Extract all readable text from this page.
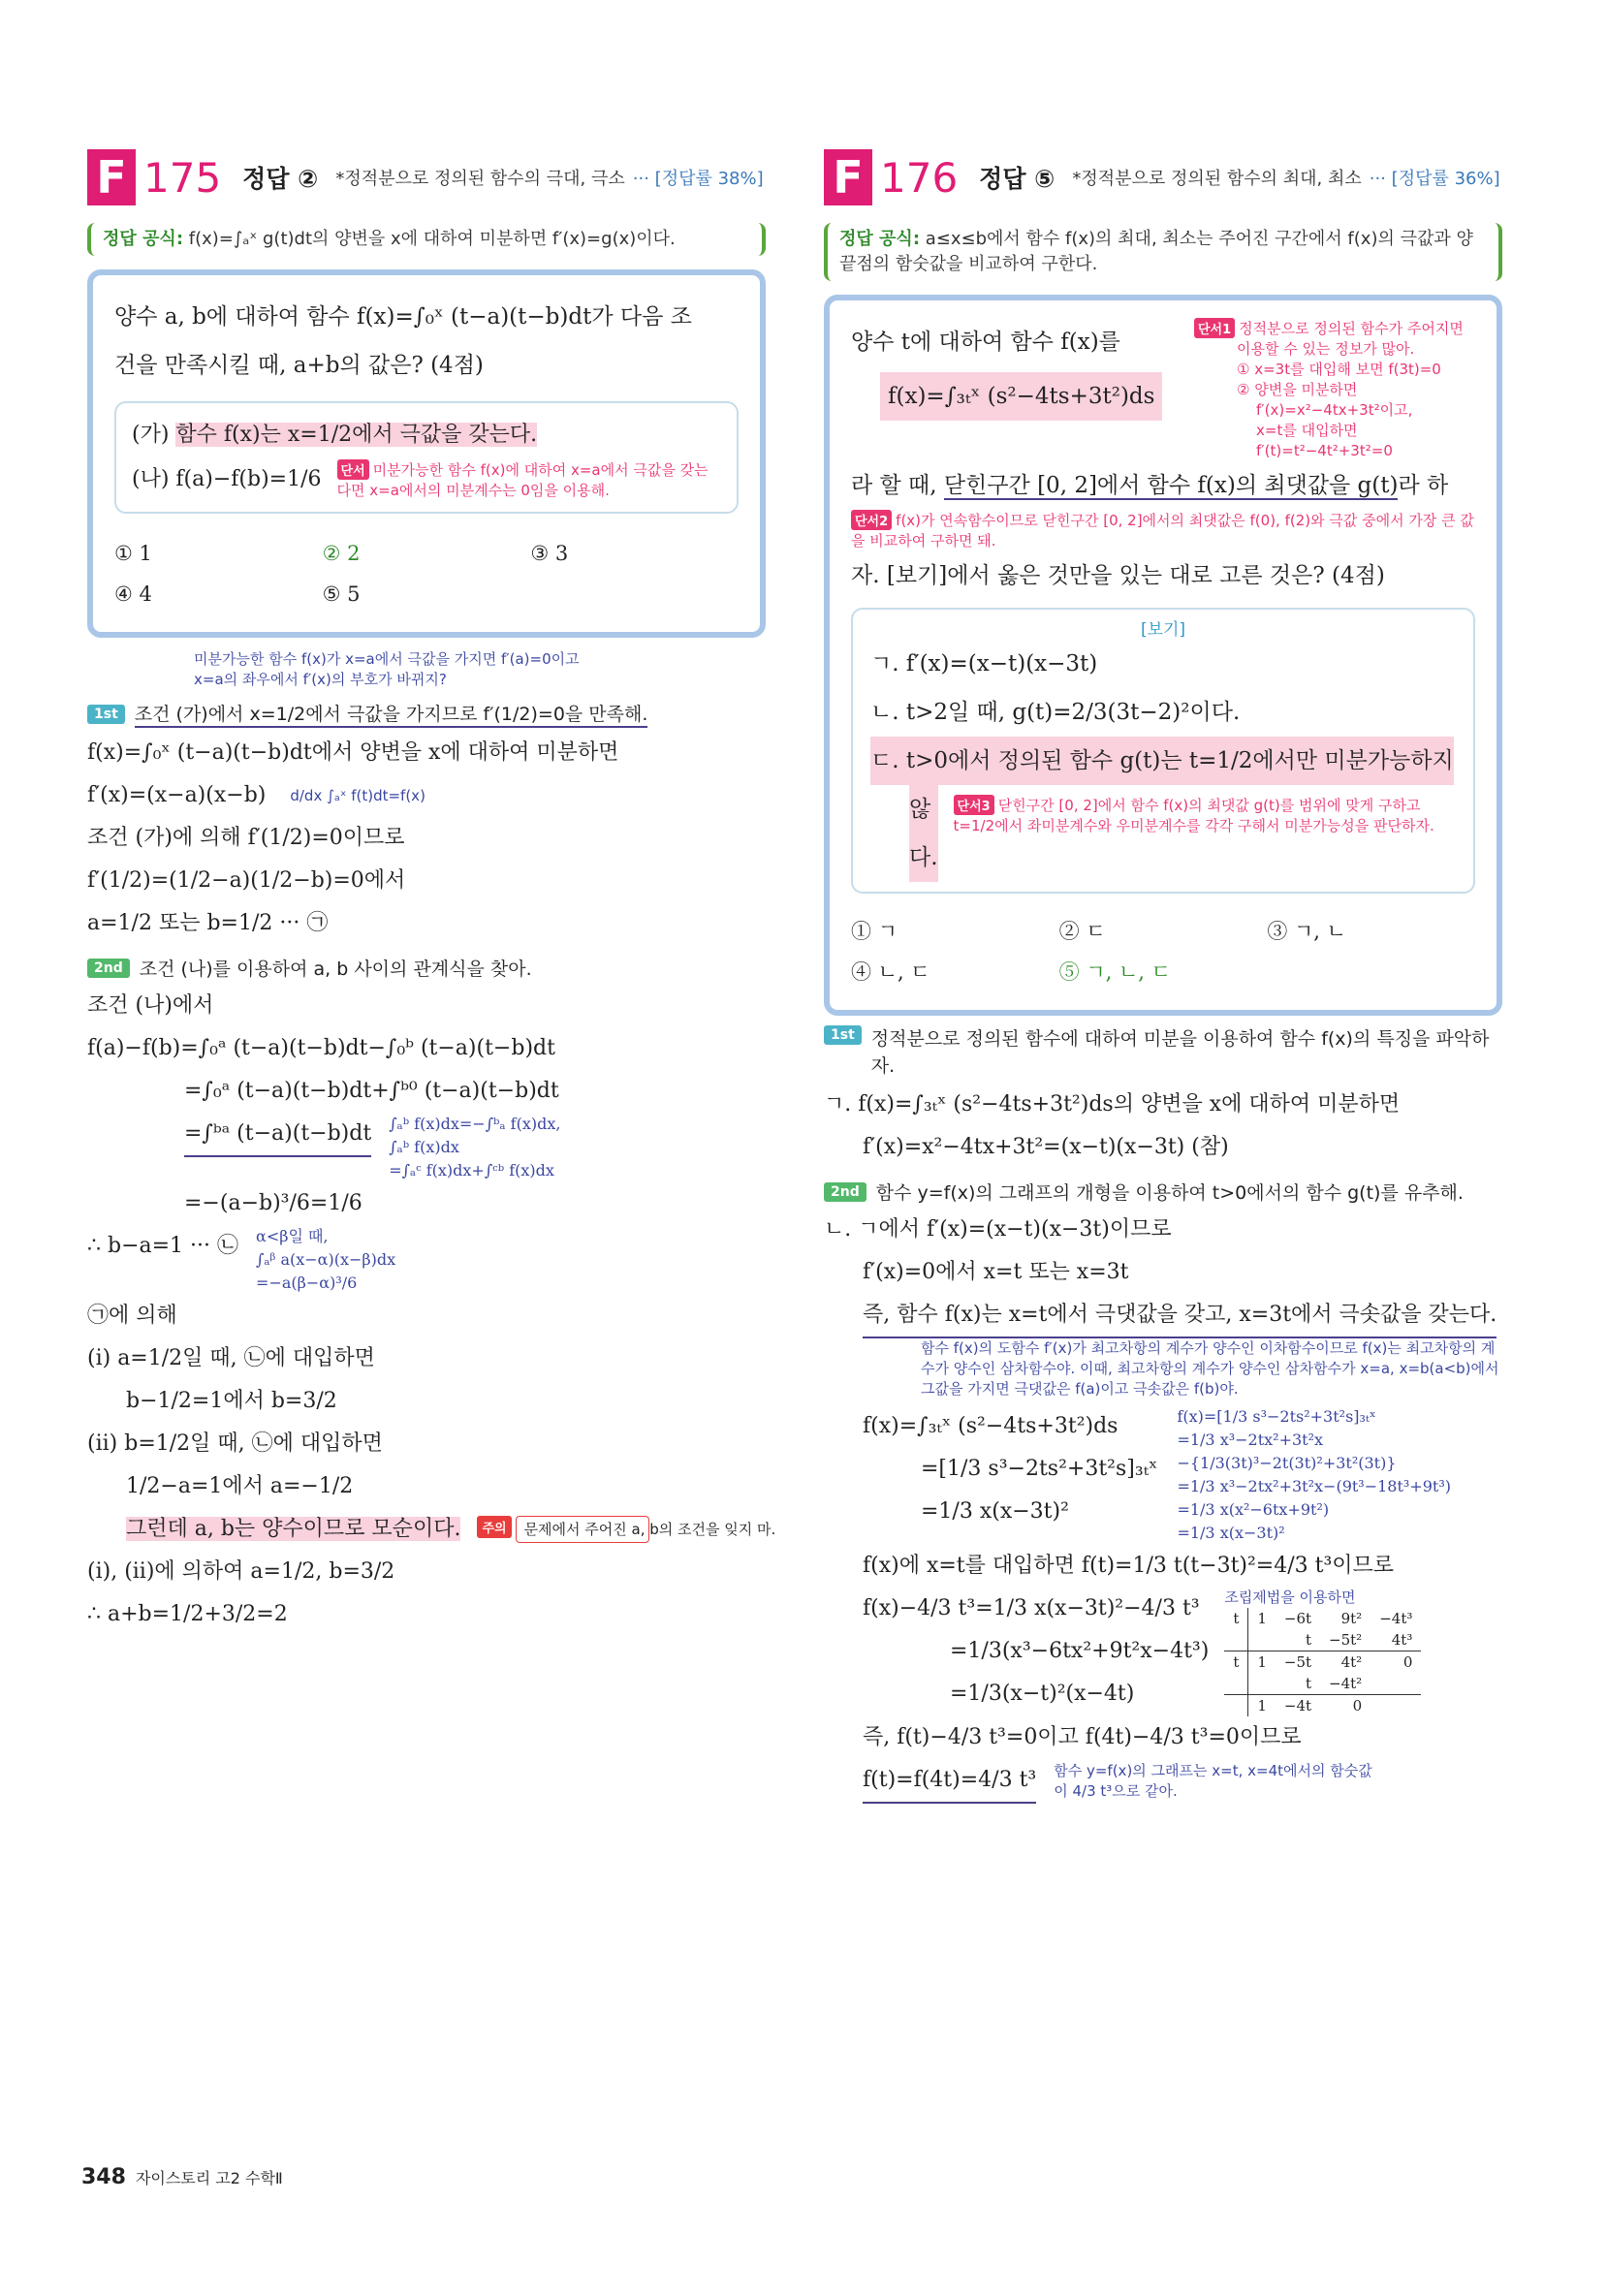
F 175 정답 ② *정적분으로 정의된 함수의 극대, 극소 ··· [정답률 38%]
정답 공식: f(x)=∫ₐˣ g(t)dt의 양변을 x에 대하여 미분하면 f′(x)=g(x)이다.
양수 a, b에 대하여 함수 f(x)=∫₀ˣ (t−a)(t−b)dt가 다음 조
건을 만족시킬 때, a+b의 값은? (4점)
(가) 함수 f(x)는 x=1/2에서 극값을 갖는다.
(나) f(a)−f(b)=1/6	단서 미분가능한 함수 f(x)에 대하여 x=a에서 극값을 갖는다면 x=a에서의 미분계수는 0임을 이용해.
① 1	② 2	③ 3
④ 4	⑤ 5
미분가능한 함수 f(x)가 x=a에서 극값을 가지면 f′(a)=0이고
x=a의 좌우에서 f′(x)의 부호가 바뀌지?
1st 조건 (가)에서 x=1/2에서 극값을 가지므로 f′(1/2)=0을 만족해.
f(x)=∫₀ˣ (t−a)(t−b)dt에서 양변을 x에 대하여 미분하면
f′(x)=(x−a)(x−b) d/dx ∫ₐˣ f(t)dt=f(x)
조건 (가)에 의해 f′(1/2)=0이므로
f′(1/2)=(1/2−a)(1/2−b)=0에서
a=1/2 또는 b=1/2 ··· ㉠
2nd 조건 (나)를 이용하여 a, b 사이의 관계식을 찾아.
조건 (나)에서
f(a)−f(b)=∫₀ᵃ (t−a)(t−b)dt−∫₀ᵇ (t−a)(t−b)dt
=∫₀ᵃ (t−a)(t−b)dt+∫ᵇ⁰ (t−a)(t−b)dt
=∫ᵇᵃ (t−a)(t−b)dt ∫ₐᵇ f(x)dx=−∫ᵇₐ f(x)dx,
∫ₐᵇ f(x)dx
=∫ₐᶜ f(x)dx+∫ᶜᵇ f(x)dx
=−(a−b)³/6=1/6
∴ b−a=1 ··· ㉡ α<β일 때,
∫ₐᵝ a(x−α)(x−β)dx
=−a(β−α)³/6
㉠에 의해
(i) a=1/2일 때, ㉡에 대입하면
b−1/2=1에서 b=3/2
(ii) b=1/2일 때, ㉡에 대입하면
1/2−a=1에서 a=−1/2
그런데 a, b는 양수이므로 모순이다.	주의	문제에서 주어진 a, b의 조건을 잊지 마.
(i), (ii)에 의하여 a=1/2, b=3/2
∴ a+b=1/2+3/2=2
F 176 정답 ⑤ *정적분으로 정의된 함수의 최대, 최소 ··· [정답률 36%]
정답 공식: a≤x≤b에서 함수 f(x)의 최대, 최소는 주어진 구간에서 f(x)의 극값과 양 끝점의 함숫값을 비교하여 구한다.
양수 t에 대하여 함수 f(x)를
f(x)=∫₃ₜˣ (s²−4ts+3t²)ds
단서1 정적분으로 정의된 함수가 주어지면
이용할 수 있는 정보가 많아.
① x=3t를 대입해 보면 f(3t)=0
② 양변을 미분하면
f′(x)=x²−4tx+3t²이고,
x=t를 대입하면
f′(t)=t²−4t²+3t²=0
라 할 때, 닫힌구간 [0, 2]에서 함수 f(x)의 최댓값을 g(t)라 하
단서2 f(x)가 연속함수이므로 닫힌구간 [0, 2]에서의 최댓값은 f(0), f(2)와 극값 중에서 가장 큰 값을 비교하여 구하면 돼.
자. [보기]에서 옳은 것만을 있는 대로 고른 것은? (4점)
[보기]
ㄱ. f′(x)=(x−t)(x−3t)
ㄴ. t>2일 때, g(t)=2/3(3t−2)²이다.
ㄷ. t>0에서 정의된 함수 g(t)는 t=1/2에서만 미분가능하지
않다.
단서3 닫힌구간 [0, 2]에서 함수 f(x)의 최댓값 g(t)를 범위에 맞게 구하고 t=1/2에서 좌미분계수와 우미분계수를 각각 구해서 미분가능성을 판단하자.
① ㄱ	② ㄷ	③ ㄱ, ㄴ
④ ㄴ, ㄷ	⑤ ㄱ, ㄴ, ㄷ
1st 정적분으로 정의된 함수에 대하여 미분을 이용하여 함수 f(x)의 특징을 파악하자.
ㄱ. f(x)=∫₃ₜˣ (s²−4ts+3t²)ds의 양변을 x에 대하여 미분하면
f′(x)=x²−4tx+3t²=(x−t)(x−3t) (참)
2nd 함수 y=f(x)의 그래프의 개형을 이용하여 t>0에서의 함수 g(t)를 유추해.
ㄴ. ㄱ에서 f′(x)=(x−t)(x−3t)이므로
f′(x)=0에서 x=t 또는 x=3t
즉, 함수 f(x)는 x=t에서 극댓값을 갖고, x=3t에서 극솟값을 갖는다.
함수 f(x)의 도함수 f′(x)가 최고차항의 계수가 양수인 이차함수이므로 f(x)는 최고차항의 계수가 양수인 삼차함수야. 이때, 최고차항의 계수가 양수인 삼차함수가 x=a, x=b(a<b)에서 그값을 가지면 극댓값은 f(a)이고 극솟값은 f(b)야.
f(x)=∫₃ₜˣ (s²−4ts+3t²)ds
=[1/3 s³−2ts²+3t²s]₃ₜˣ
=1/3 x(x−3t)²
f(x)=[1/3 s³−2ts²+3t²s]₃ₜˣ
=1/3 x³−2tx²+3t²x
−{1/3(3t)³−2t(3t)²+3t²(3t)}
=1/3 x³−2tx²+3t²x−(9t³−18t³+9t³)
=1/3 x(x²−6tx+9t²)
=1/3 x(x−3t)²
f(x)에 x=t를 대입하면 f(t)=1/3 t(t−3t)²=4/3 t³이므로
f(x)−4/3 t³=1/3 x(x−3t)²−4/3 t³
=1/3(x³−6tx²+9t²x−4t³)
=1/3(x−t)²(x−4t)
조립제법을 이용하면
t	1	−6t	9t²	−4t³
		t	−5t²	4t³
t	1	−5t	4t²	0
		t	−4t²	
	1	−4t	0	
즉, f(t)−4/3 t³=0이고 f(4t)−4/3 t³=0이므로
f(t)=f(4t)=4/3 t³ 함수 y=f(x)의 그래프는 x=t, x=4t에서의 함숫값이 4/3 t³으로 같아.
348 자이스토리 고2 수학Ⅱ
